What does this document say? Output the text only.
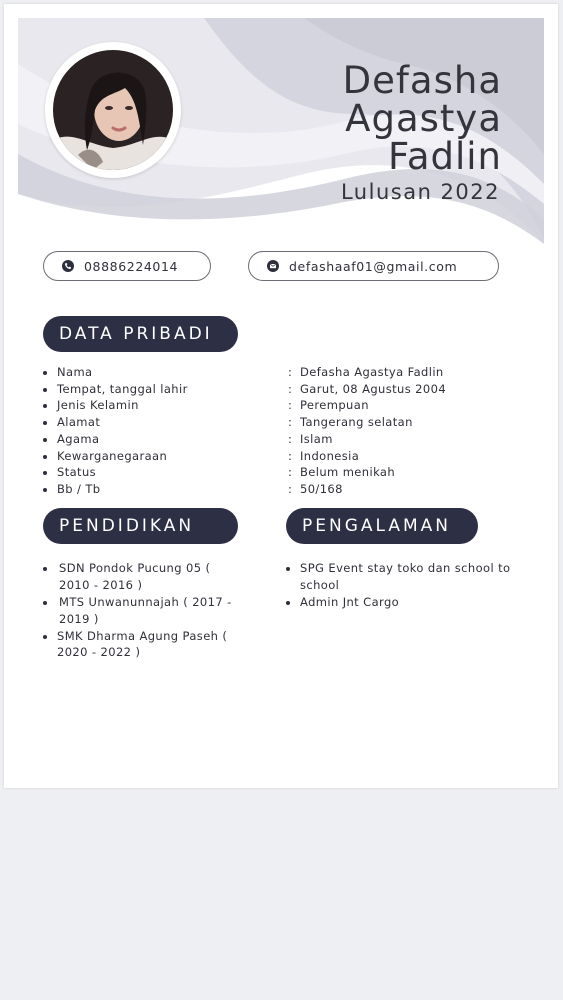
Defasha
Agastya
Fadlin
Lulusan 2022
08886224014	defashaaf01@gmail.com
DATA PRIBADI
Nama
Tempat, tanggal lahir
Jenis Kelamin
Alamat
Agama
Kewarganegaraan
Status
Bb / Tb
: Defasha Agastya Fadlin
: Garut, 08 Agustus 2004
: Perempuan
: Tangerang selatan
: Islam
: Indonesia
: Belum menikah
: 50/168
PENDIDIKAN	PENGALAMAN
SDN Pondok Pucung 05 ( 2010 - 2016 )
MTS Unwanunnajah ( 2017 - 2019 )
SMK Dharma Agung Paseh ( 2020 - 2022 )
SPG Event stay toko dan school to school
Admin Jnt Cargo
